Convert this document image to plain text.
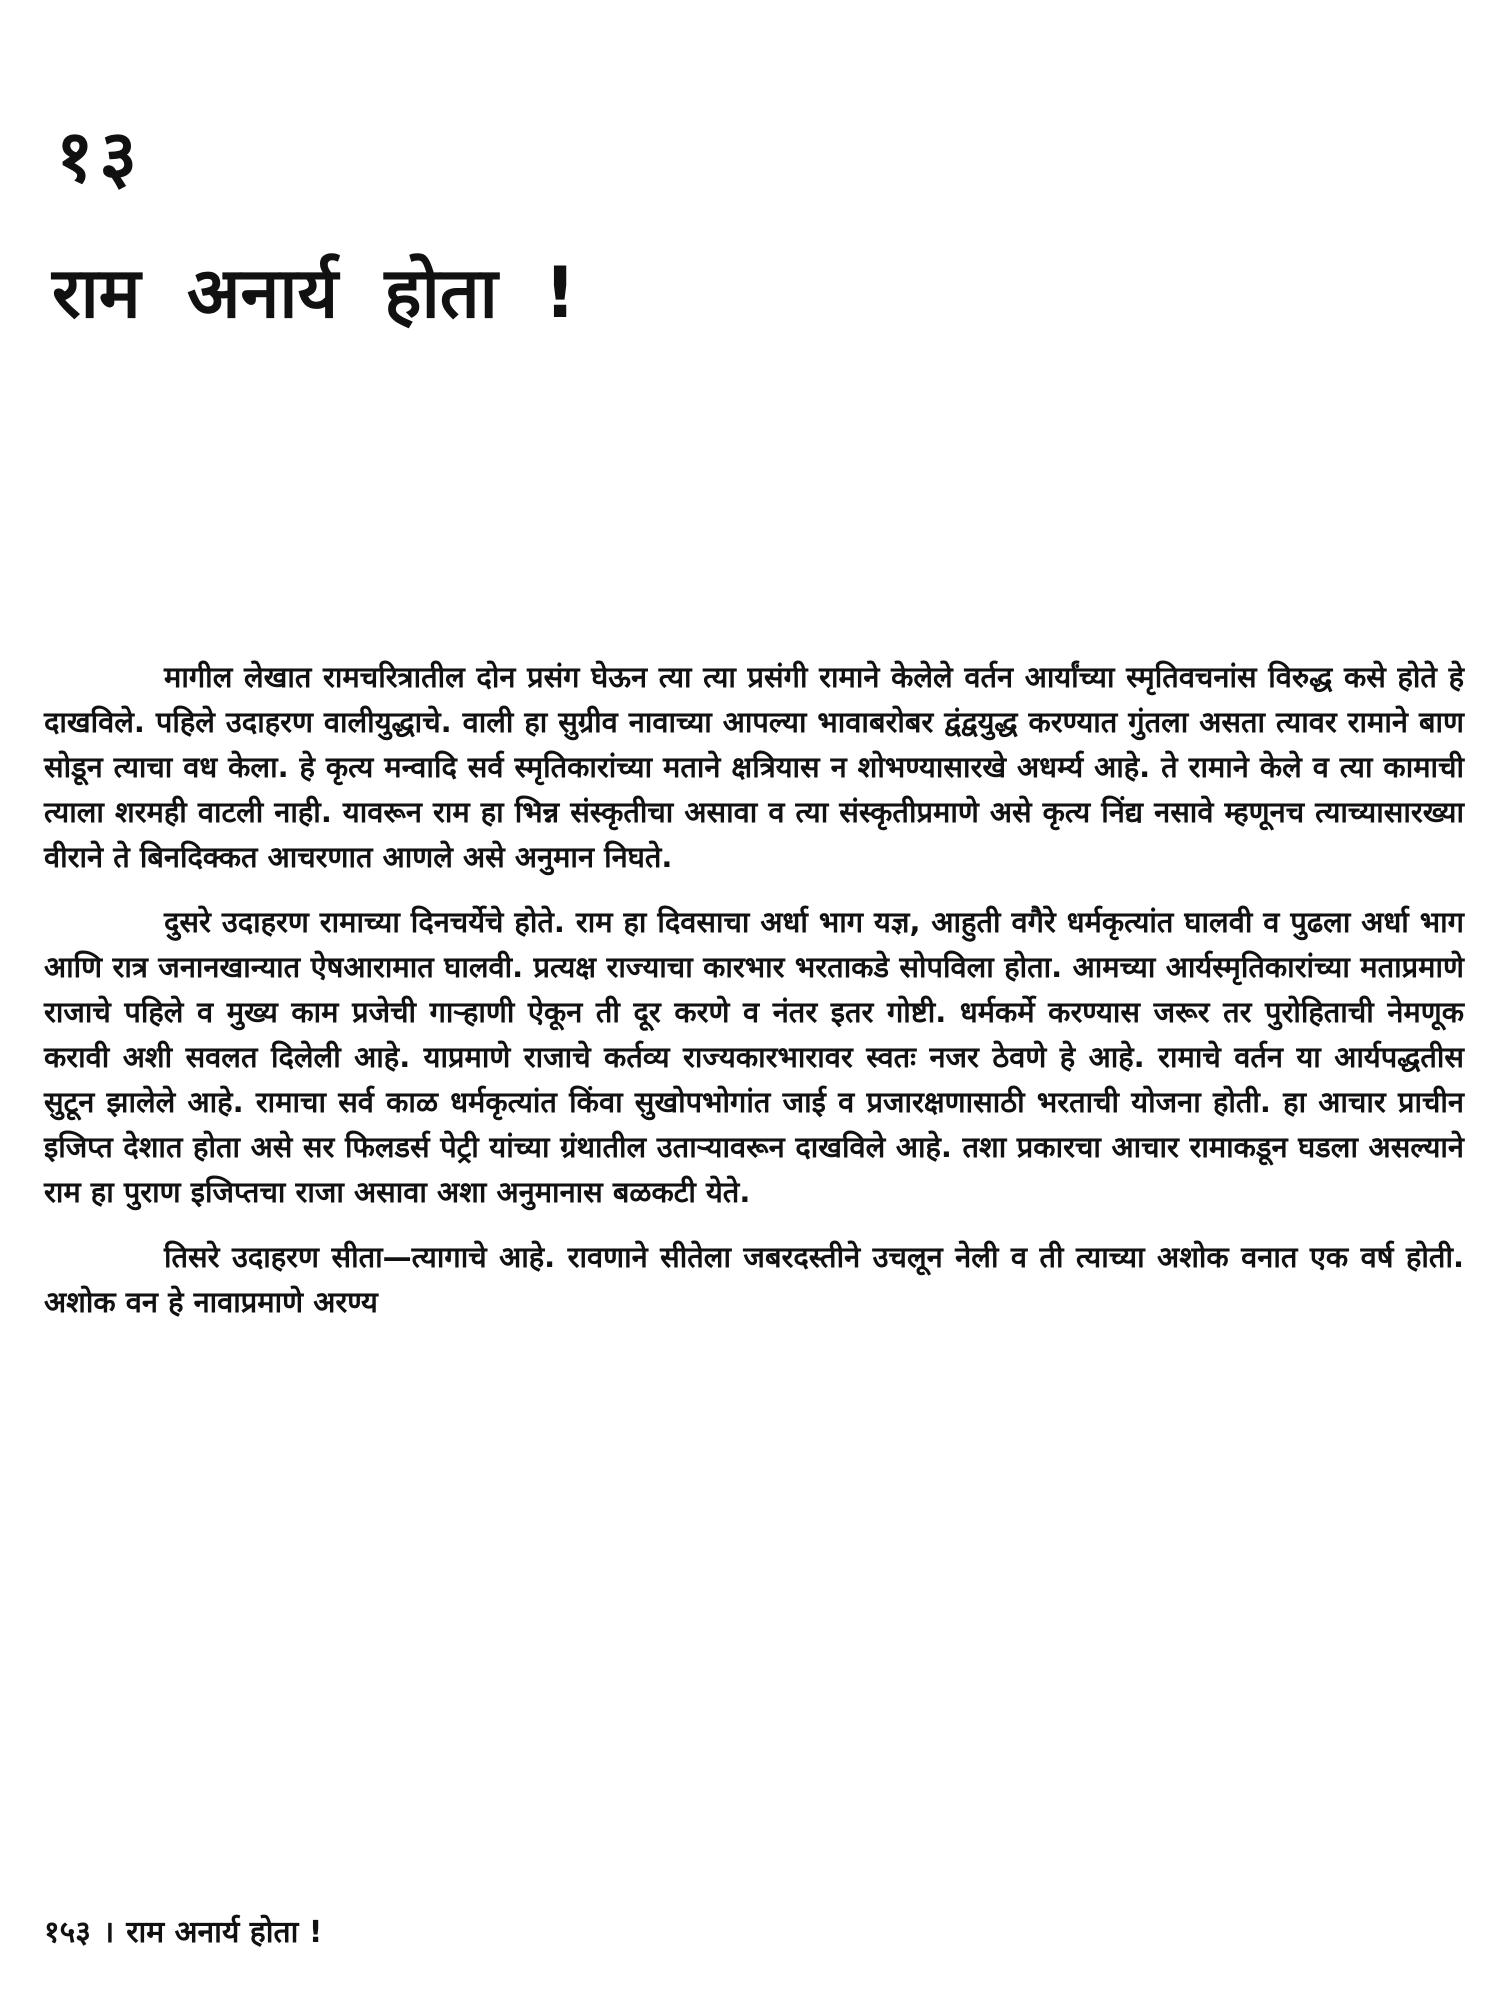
१३
राम अनार्य होता !

मागील लेखात रामचरित्रातील दोन प्रसंग घेऊन त्या त्या प्रसंगी रामाने केलेले वर्तन आर्यांच्या स्मृतिवचनांस विरुद्ध कसे होते हे दाखविले. पहिले उदाहरण वालीयुद्धाचे. वाली हा सुग्रीव नावाच्या आपल्या भावाबरोबर द्वंद्वयुद्ध करण्यात गुंतला असता त्यावर रामाने बाण सोडून त्याचा वध केला. हे कृत्य मन्वादि सर्व स्मृतिकारांच्या मताने क्षत्रियास न शोभण्यासारखे अधर्म्य आहे. ते रामाने केले व त्या कामाची त्याला शरमही वाटली नाही. यावरून राम हा भिन्न संस्कृतीचा असावा व त्या संस्कृतीप्रमाणे असे कृत्य निंद्य नसावे म्हणूनच त्याच्यासारख्या वीराने ते बिनदिक्कत आचरणात आणले असे अनुमान निघते.

दुसरे उदाहरण रामाच्या दिनचर्येचे होते. राम हा दिवसाचा अर्धा भाग यज्ञ, आहुती वगैरे धर्मकृत्यांत घालवी व पुढला अर्धा भाग आणि रात्र जनानखान्यात ऐषआरामात घालवी. प्रत्यक्ष राज्याचा कारभार भरताकडे सोपविला होता. आमच्या आर्यस्मृतिकारांच्या मताप्रमाणे राजाचे पहिले व मुख्य काम प्रजेची गाऱ्हाणी ऐकून ती दूर करणे व नंतर इतर गोष्टी. धर्मकर्मे करण्यास जरूर तर पुरोहिताची नेमणूक करावी अशी सवलत दिलेली आहे. याप्रमाणे राजाचे कर्तव्य राज्यकारभारावर स्वतः नजर ठेवणे हे आहे. रामाचे वर्तन या आर्यपद्धतीस सुटून झालेले आहे. रामाचा सर्व काळ धर्मकृत्यांत किंवा सुखोपभोगांत जाई व प्रजारक्षणासाठी भरताची योजना होती. हा आचार प्राचीन इजिप्त देशात होता असे सर फिलडर्स पेट्री यांच्या ग्रंथातील उताऱ्यावरून दाखविले आहे. तशा प्रकारचा आचार रामाकडून घडला असल्याने राम हा पुराण इजिप्तचा राजा असावा अशा अनुमानास बळकटी येते.

तिसरे उदाहरण सीता—त्यागाचे आहे. रावणाने सीतेला जबरदस्तीने उचलून नेली व ती त्याच्या अशोक वनात एक वर्ष होती. अशोक वन हे नावाप्रमाणे अरण्य

१५३ । राम अनार्य होता !
